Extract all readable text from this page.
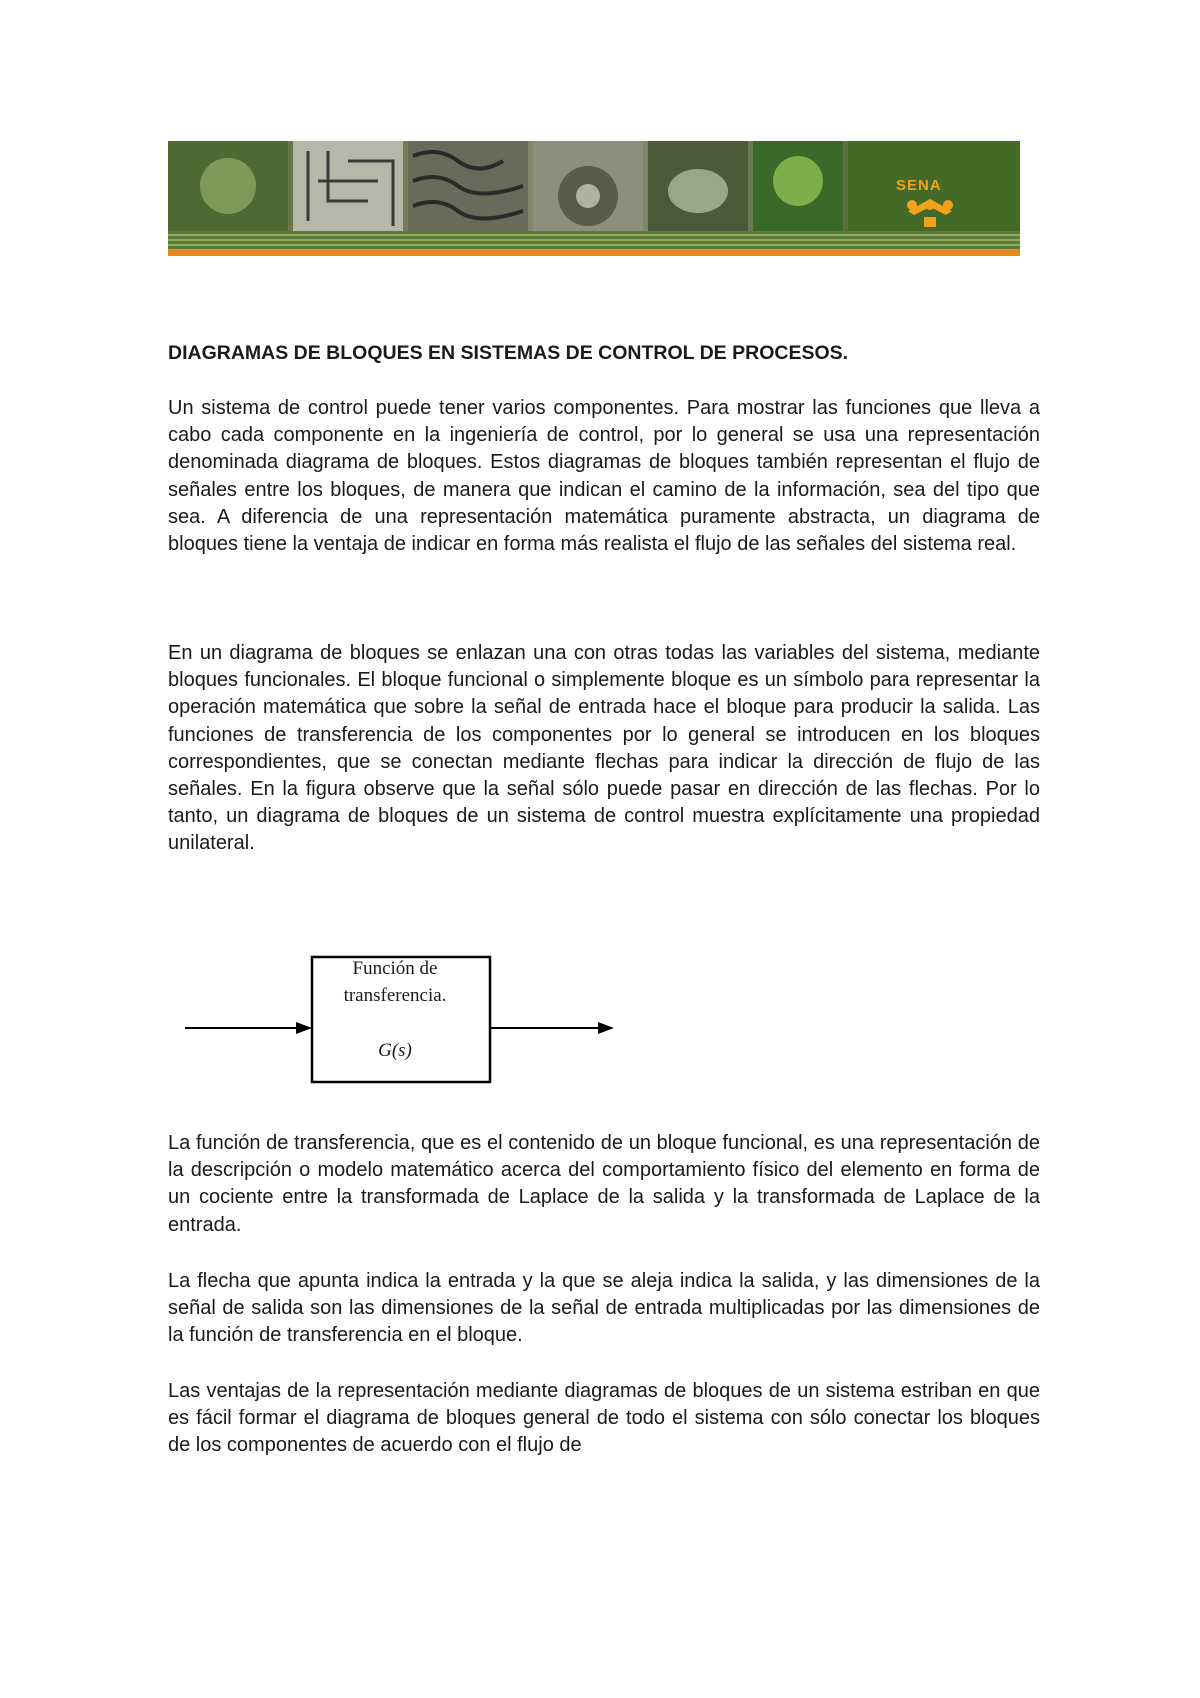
SENA
DIAGRAMAS DE BLOQUES EN SISTEMAS DE CONTROL DE PROCESOS.

Un sistema de control puede tener varios componentes. Para mostrar las funciones que lleva a cabo cada componente en la ingeniería de control, por lo general se usa una representación denominada diagrama de bloques. Estos diagramas de bloques también representan el flujo de señales entre los bloques, de manera que indican el camino de la información, sea del tipo que sea. A diferencia de una representación matemática puramente abstracta, un diagrama de bloques tiene la ventaja de indicar en forma más realista el flujo de las señales del sistema real.

En un diagrama de bloques se enlazan una con otras todas las variables del sistema, mediante bloques funcionales. El bloque funcional o simplemente bloque es un símbolo para representar la operación matemática que sobre la señal de entrada hace el bloque para producir la salida. Las funciones de transferencia de los componentes por lo general se introducen en los bloques correspondientes, que se conectan mediante flechas para indicar la dirección de flujo de las señales. En la figura observe que la señal sólo puede pasar en dirección de las flechas. Por lo tanto, un diagrama de bloques de un sistema de control muestra explícitamente una propiedad unilateral.

Función de
transferencia.
G(s)

La función de transferencia, que es el contenido de un bloque funcional, es una representación de la descripción o modelo matemático acerca del comportamiento físico del elemento en forma de un cociente entre la transformada de Laplace de la salida y la transformada de Laplace de la entrada.

La flecha que apunta indica la entrada y la que se aleja indica la salida, y las dimensiones de la señal de salida son las dimensiones de la señal de entrada multiplicadas por las dimensiones de la función de transferencia en el bloque.

Las ventajas de la representación mediante diagramas de bloques de un sistema estriban en que es fácil formar el diagrama de bloques general de todo el sistema con sólo conectar los bloques de los componentes de acuerdo con el flujo de
